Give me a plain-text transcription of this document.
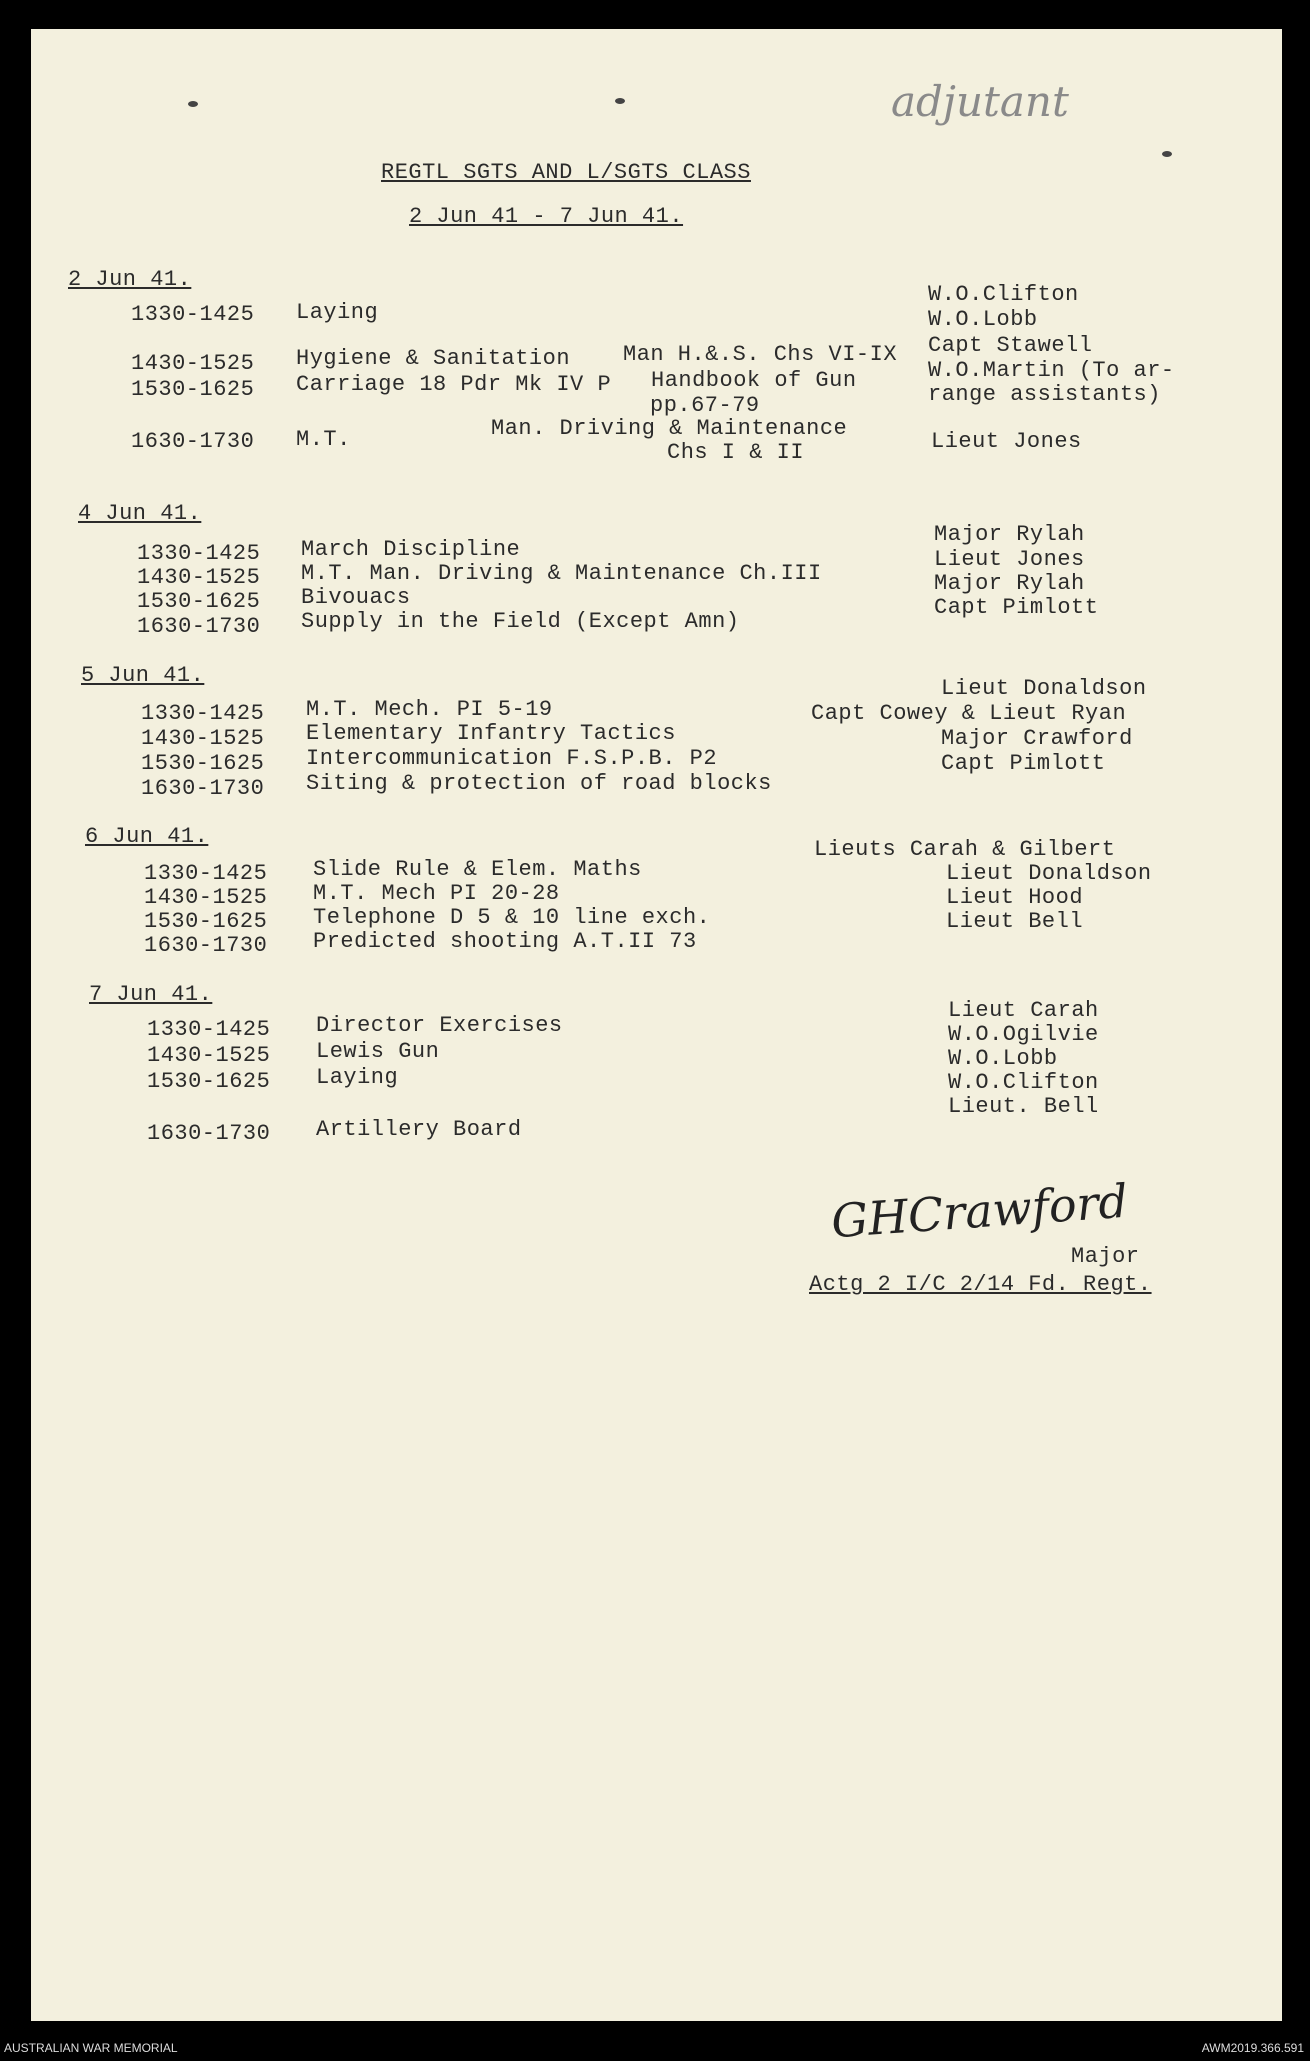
adjutant
REGTL SGTS AND L/SGTS CLASS
2 Jun 41 - 7 Jun 41.
2 Jun 41.
1330-1425 Laying
1430-1525 Hygiene & Sanitation Man H.&.S. Chs VI-IX
1530-1625 Carriage 18 Pdr Mk IV P Handbook of Gun
pp.67-79
1630-1730 M.T.	Man. Driving & Maintenance
Chs I & II
W.O.Clifton
W.O.Lobb
Capt Stawell
W.O.Martin (To ar-
range assistants)
Lieut Jones
4 Jun 41.
1330-1425 March Discipline
1430-1525 M.T. Man. Driving & Maintenance Ch.III
1530-1625 Bivouacs
1630-1730 Supply in the Field (Except Amn)
Major Rylah
Lieut Jones
Major Rylah
Capt Pimlott
5 Jun 41.
1330-1425 M.T. Mech. PI 5-19
1430-1525 Elementary Infantry Tactics
1530-1625 Intercommunication F.S.P.B. P2
1630-1730 Siting & protection of road blocks
Lieut Donaldson
Capt Cowey & Lieut Ryan
Major Crawford
Capt Pimlott
6 Jun 41.
1330-1425 Slide Rule & Elem. Maths
1430-1525 M.T. Mech PI 20-28
1530-1625 Telephone D 5 & 10 line exch.
1630-1730 Predicted shooting A.T.II 73
Lieuts Carah & Gilbert
Lieut Donaldson
Lieut Hood
Lieut Bell
7 Jun 41.
1330-1425 Director Exercises
1430-1525 Lewis Gun
1530-1625 Laying
1630-1730 Artillery Board
Lieut Carah
W.O.Ogilvie
W.O.Lobb
W.O.Clifton
Lieut. Bell
GHCrawford
Major
Actg 2 I/C 2/14 Fd. Regt.
AUSTRALIAN WAR MEMORIAL	AWM2019.366.591
